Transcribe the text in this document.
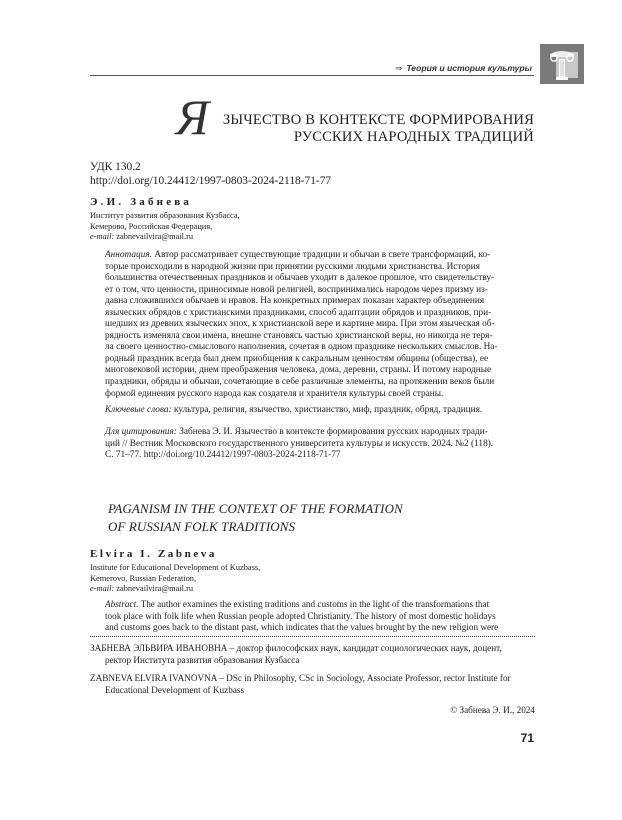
⇒ Теория и история культуры
Я ЗЫЧЕСТВО В КОНТЕКСТЕ ФОРМИРОВАНИЯ
РУССКИХ НАРОДНЫХ ТРАДИЦИЙ
УДК 130.2
http://doi.org/10.24412/1997-0803-2024-2118-71-77
Э.И. Забнева
Институт развития образования Кузбасса,
Кемерово, Российская Федерация,
e-mail: zabnevailvira@mail.ru
Аннотация. Автор рассматривает существующие традиции и обычаи в свете трансформаций, ко-
торые происходили в народной жизни при принятии русскими людьми христианства. История
большинства отечественных праздников и обычаев уходит в далекое прошлое, что свидетельству-
ет о том, что ценности, приносимые новой религией, воспринимались народом через призму из-
давна сложившихся обычаев и нравов. На конкретных примерах показан характер объединения
языческих обрядов с христианскими праздниками, способ адаптации обрядов и праздников, при-
шедших из древних языческих эпох, к христианской вере и картине мира. При этом языческая об-
рядность изменяла свои имена, внешне становясь частью христианской веры, но никогда не теря-
ла своего ценностно-смыслового наполнения, сочетая в одном празднике нескольких смыслов. На-
родный праздник всегда был днем приобщения к сакральным ценностям общины (общества), ее
многовековой истории, днем преображения человека, дома, деревни, страны. И потому народные
праздники, обряды и обычаи, сочетающие в себе различные элементы, на протяжении веков были
формой единения русского народа как создателя и хранителя культуры своей страны.
Ключевые слова: культура, религия, язычество, христианство, миф, праздник, обряд, традиция.
Для цитирования: Забнева Э. И. Язычество в контексте формирования русских народных тради-
ций // Вестник Московского государственного университета культуры и искусств. 2024. №2 (118).
С. 71–77. http://doi.org/10.24412/1997-0803-2024-2118-71-77
PAGANISM IN THE CONTEXT OF THE FORMATION
OF RUSSIAN FOLK TRADITIONS
Elvira I. Zabneva
Institute for Educational Development of Kuzbass,
Kemerovo, Russian Federation,
e-mail: zabnevailvira@mail.ru
Abstract. The author examines the existing traditions and customs in the light of the transformations that
took place with folk life when Russian people adopted Christianity. The history of most domestic holidays
and customs goes back to the distant past, which indicates that the values brought by the new religion were
ЗАБНЕВА ЭЛЬВИРА ИВАНОВНА – доктор философских наук, кандидат социологических наук, доцент,
ректор Института развития образования Кузбасса
ZABNEVA ELVIRA IVANOVNA – DSc in Philosophy, CSc in Sociology, Associate Professor, rector Institute for
Educational Development of Kuzbass
© Забнева Э. И., 2024
71
